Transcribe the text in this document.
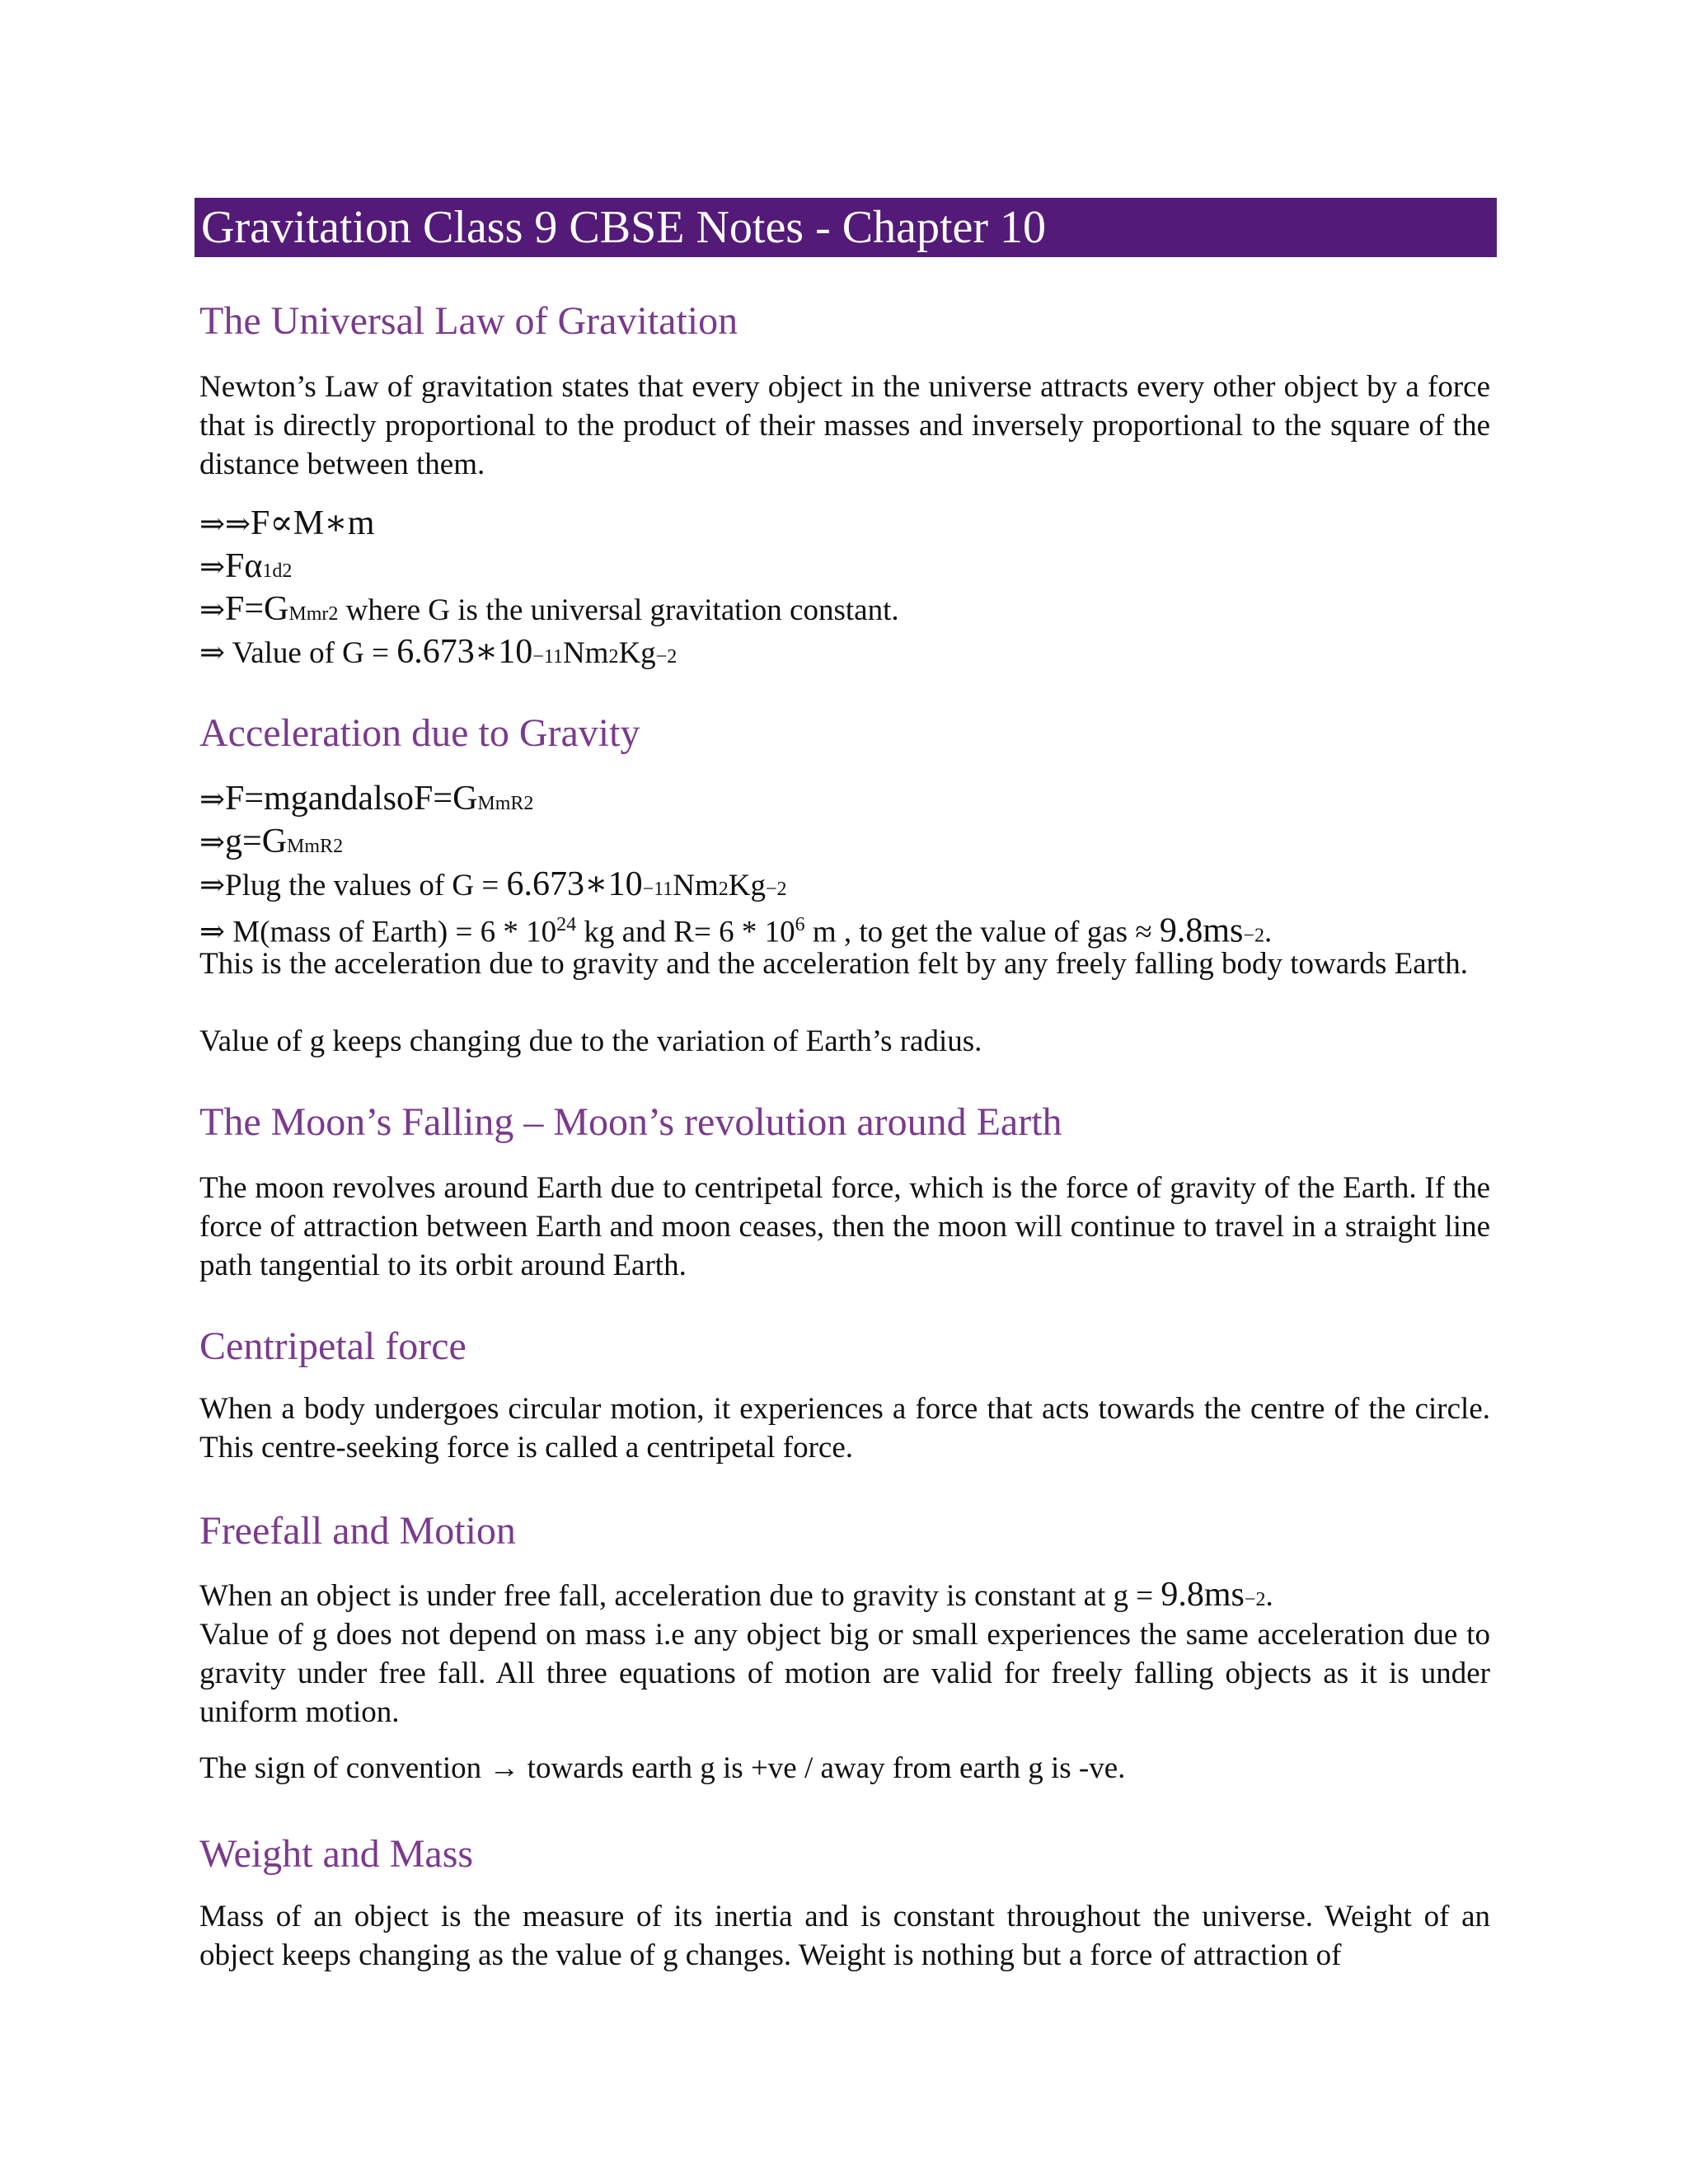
Gravitation Class 9 CBSE Notes - Chapter 10
The Universal Law of Gravitation

Newton’s Law of gravitation states that every object in the universe attracts every other object by a force that is directly proportional to the product of their masses and inversely proportional to the square of the distance between them.

⇒⇒F∝M∗m
⇒Fα1d2
⇒F=GMmr2 where G is the universal gravitation constant.
⇒ Value of G = 6.673∗10−11Nm2Kg−2
Acceleration due to Gravity
⇒F=mgandalsoF=GMmR2
⇒g=GMmR2
⇒Plug the values of G = 6.673∗10−11Nm2Kg−2
⇒ M(mass of Earth) = $6 * 10^{24}$ kg and $R= 6 * 10^6$ m , to get the value of gas ≈ 9.8ms−2.

This is the acceleration due to gravity and the acceleration felt by any freely falling body towards Earth.

Value of g keeps changing due to the variation of Earth’s radius.

The Moon’s Falling – Moon’s revolution around Earth

The moon revolves around Earth due to centripetal force, which is the force of gravity of the Earth. If the force of attraction between Earth and moon ceases, then the moon will continue to travel in a straight line path tangential to its orbit around Earth.

Centripetal force

When a body undergoes circular motion, it experiences a force that acts towards the centre of the circle. This centre-seeking force is called a centripetal force.

Freefall and Motion
When an object is under free fall, acceleration due to gravity is constant at g = 9.8ms−2.

Value of g does not depend on mass i.e any object big or small experiences the same acceleration due to gravity under free fall. All three equations of motion are valid for freely falling objects as it is under uniform motion.

The sign of convention → towards earth g is +ve / away from earth g is -ve.

Weight and Mass

Mass of an object is the measure of its inertia and is constant throughout the universe. Weight of an object keeps changing as the value of g changes. Weight is nothing but a force of attraction of
